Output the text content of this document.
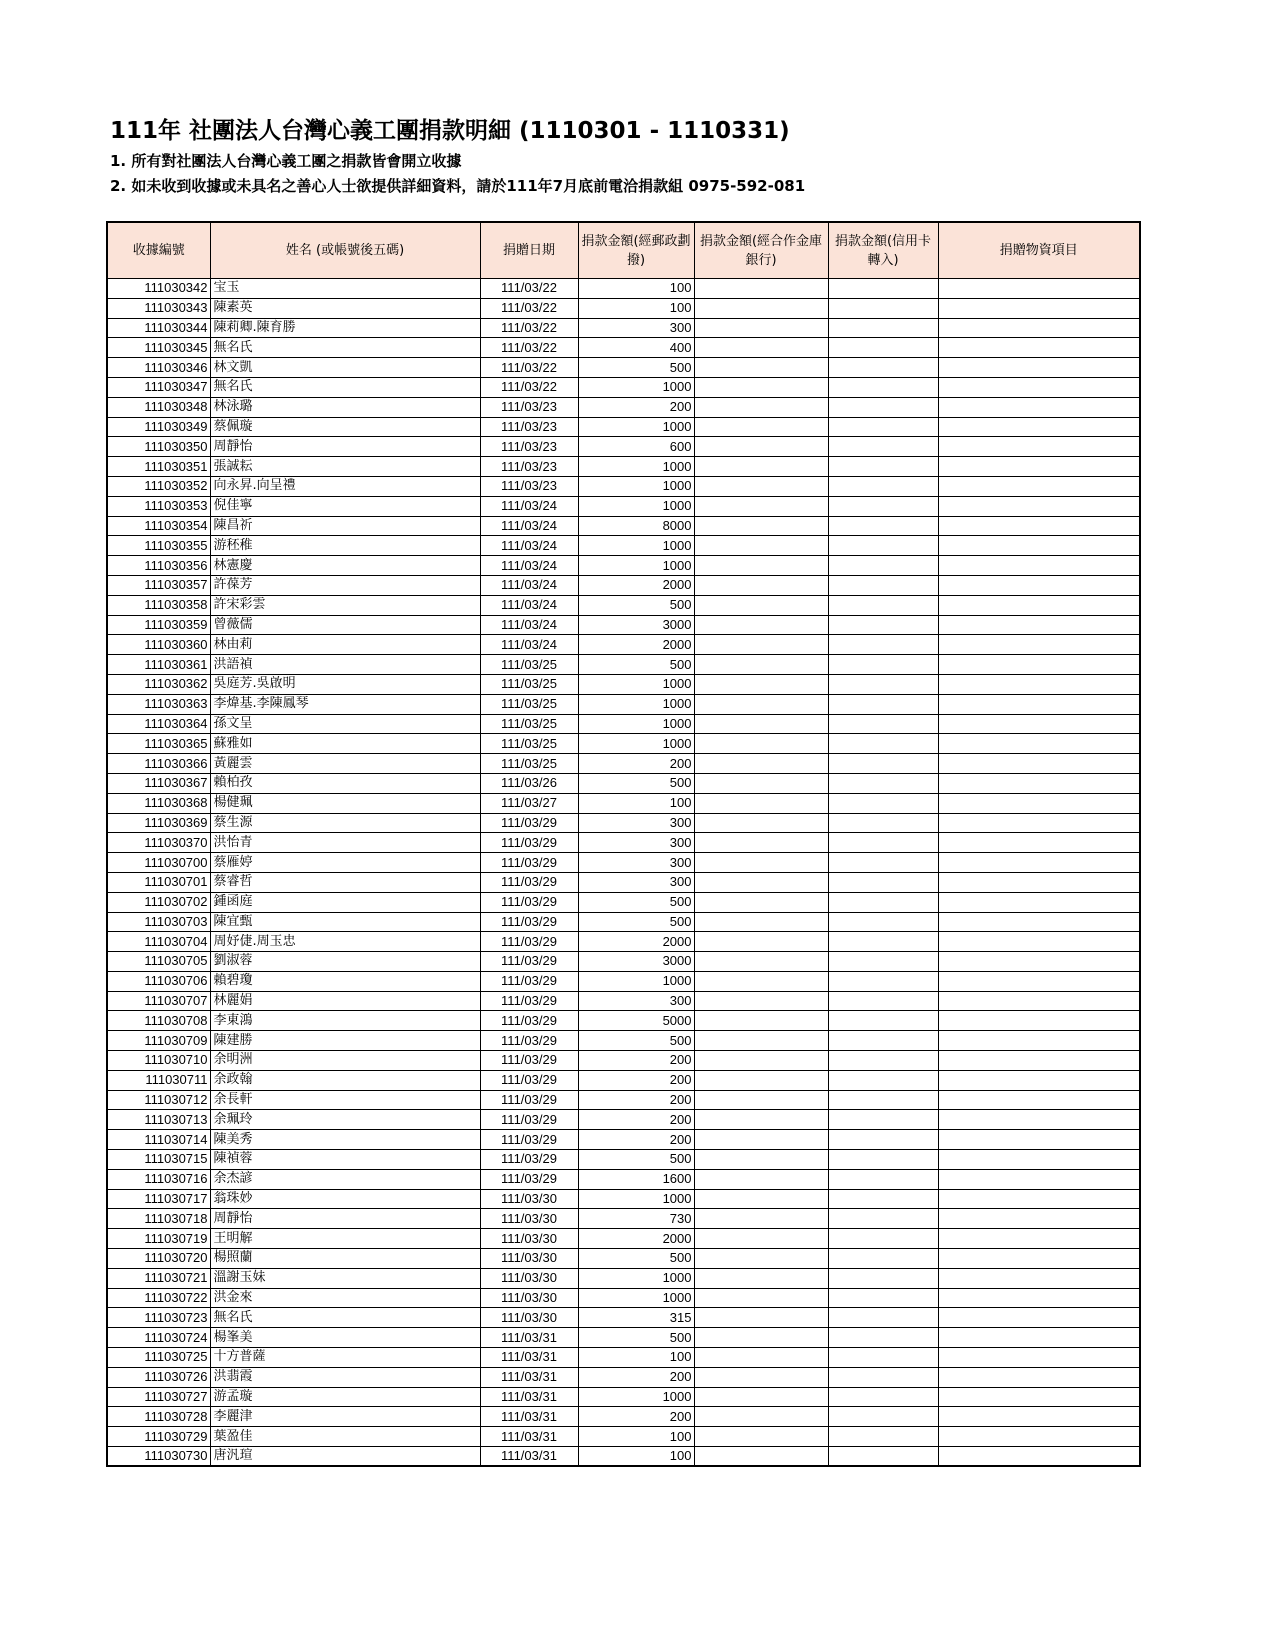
111年 社團法人台灣心義工團捐款明細 (1110301 - 1110331)
1. 所有對社團法人台灣心義工團之捐款皆會開立收據
2. 如未收到收據或未具名之善心人士欲提供詳細資料，請於111年7月底前電洽捐款組 0975-592-081
收據編號	姓名 (或帳號後五碼)	捐贈日期	捐款金額(經郵政劃撥)	捐款金額(經合作金庫銀行)	捐款金額(信用卡轉入)	捐贈物資項目
111030342	宝玉	111/03/22	100			
111030343	陳素英	111/03/22	100			
111030344	陳莉卿.陳育勝	111/03/22	300			
111030345	無名氏	111/03/22	400			
111030346	林文凱	111/03/22	500			
111030347	無名氏	111/03/22	1000			
111030348	林泳璐	111/03/23	200			
111030349	蔡佩璇	111/03/23	1000			
111030350	周靜怡	111/03/23	600			
111030351	張誠耘	111/03/23	1000			
111030352	向永昇.向呈禮	111/03/23	1000			
111030353	倪佳寧	111/03/24	1000			
111030354	陳昌祈	111/03/24	8000			
111030355	游秠稚	111/03/24	1000			
111030356	林憲慶	111/03/24	1000			
111030357	許葆芳	111/03/24	2000			
111030358	許宋彩雲	111/03/24	500			
111030359	曾薇儒	111/03/24	3000			
111030360	林由莉	111/03/24	2000			
111030361	洪語禎	111/03/25	500			
111030362	吳庭芳.吳啟明	111/03/25	1000			
111030363	李煒基.李陳鳳琴	111/03/25	1000			
111030364	孫文呈	111/03/25	1000			
111030365	蘇雅如	111/03/25	1000			
111030366	黃麗雲	111/03/25	200			
111030367	賴柏孜	111/03/26	500			
111030368	楊健珮	111/03/27	100			
111030369	蔡生源	111/03/29	300			
111030370	洪怡青	111/03/29	300			
111030700	蔡雁婷	111/03/29	300			
111030701	蔡睿哲	111/03/29	300			
111030702	鍾函庭	111/03/29	500			
111030703	陳宜甄	111/03/29	500			
111030704	周妤倢.周玉忠	111/03/29	2000			
111030705	劉淑蓉	111/03/29	3000			
111030706	賴碧瓊	111/03/29	1000			
111030707	林麗娟	111/03/29	300			
111030708	李東鴻	111/03/29	5000			
111030709	陳建勝	111/03/29	500			
111030710	余明洲	111/03/29	200			
111030711	余政翰	111/03/29	200			
111030712	余長軒	111/03/29	200			
111030713	余珮玲	111/03/29	200			
111030714	陳美秀	111/03/29	200			
111030715	陳禎蓉	111/03/29	500			
111030716	余杰諺	111/03/29	1600			
111030717	翁珠妙	111/03/30	1000			
111030718	周靜怡	111/03/30	730			
111030719	王明解	111/03/30	2000			
111030720	楊照蘭	111/03/30	500			
111030721	溫謝玉妹	111/03/30	1000			
111030722	洪金來	111/03/30	1000			
111030723	無名氏	111/03/30	315			
111030724	楊峯美	111/03/31	500			
111030725	十方普薩	111/03/31	100			
111030726	洪翡霞	111/03/31	200			
111030727	游孟璇	111/03/31	1000			
111030728	李麗津	111/03/31	200			
111030729	葉盈佳	111/03/31	100			
111030730	唐汎瑄	111/03/31	100			
